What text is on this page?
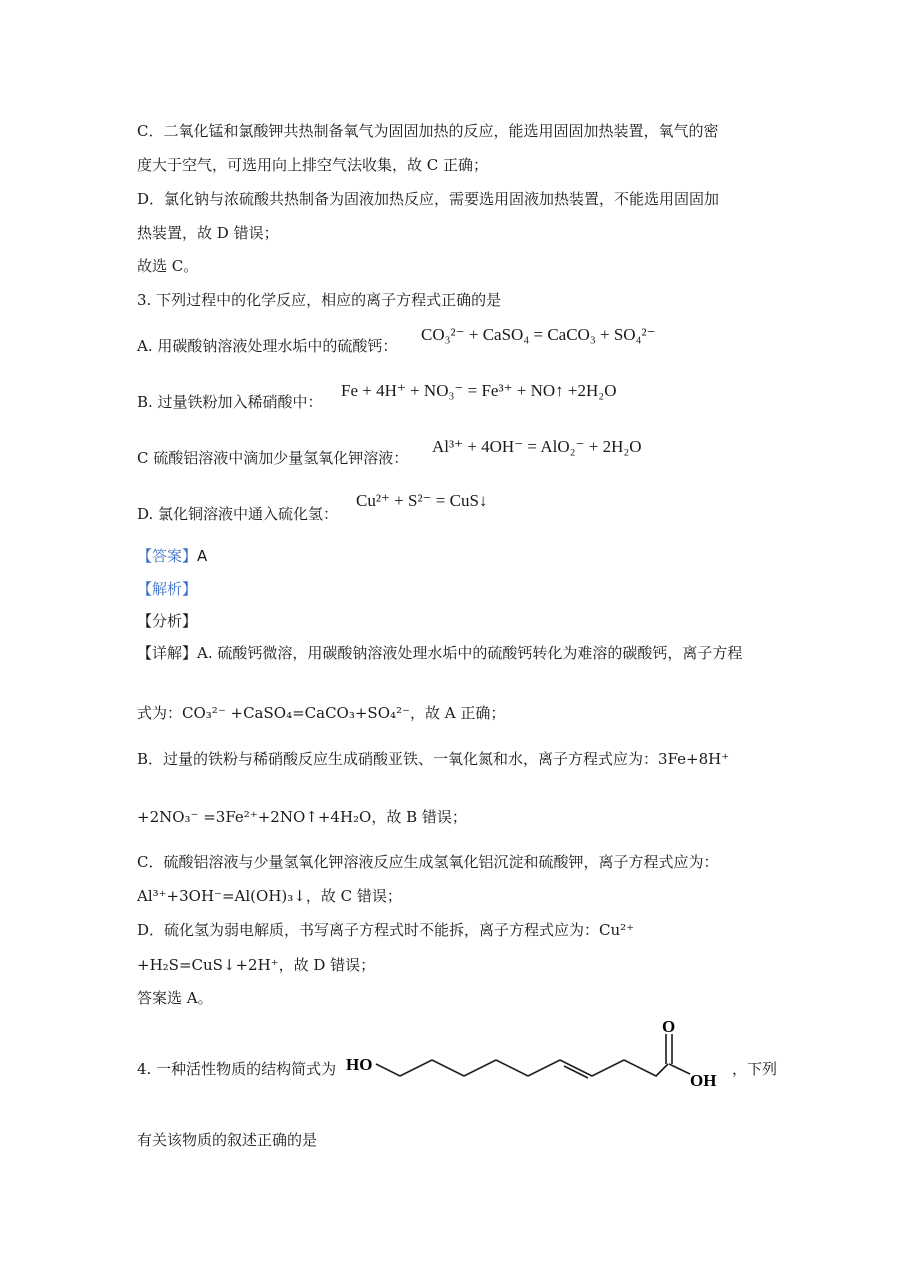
C．二氧化锰和氯酸钾共热制备氧气为固固加热的反应，能选用固固加热装置，氧气的密
度大于空气，可选用向上排空气法收集，故 C 正确；
D．氯化钠与浓硫酸共热制备为固液加热反应，需要选用固液加热装置，不能选用固固加
热装置，故 D 错误；
故选 C。
3. 下列过程中的化学反应，相应的离子方程式正确的是
A. 用碳酸钠溶液处理水垢中的硫酸钙：
CO₃²⁻ + CaSO₄ = CaCO₃ + SO₄²⁻
B. 过量铁粉加入稀硝酸中：
Fe + 4H⁺ + NO₃⁻ = Fe³⁺ + NO↑ +2H₂O
C 硫酸铝溶液中滴加少量氢氧化钾溶液：
Al³⁺ + 4OH⁻ = AlO₂⁻ + 2H₂O
D. 氯化铜溶液中通入硫化氢：
Cu²⁺ + S²⁻ = CuS↓
【答案】A
【解析】
【分析】
【详解】A. 硫酸钙微溶，用碳酸钠溶液处理水垢中的硫酸钙转化为难溶的碳酸钙，离子方程
式为：CO₃²⁻ +CaSO₄=CaCO₃+SO₄²⁻，故 A 正确；
B．过量的铁粉与稀硝酸反应生成硝酸亚铁、一氧化氮和水，离子方程式应为：3Fe+8H⁺
+2NO₃⁻ =3Fe²⁺+2NO↑+4H₂O，故 B 错误；
C．硫酸铝溶液与少量氢氧化钾溶液反应生成氢氧化铝沉淀和硫酸钾，离子方程式应为：
Al³⁺+3OH⁻=Al(OH)₃↓，故 C 错误；
D．硫化氢为弱电解质，书写离子方程式时不能拆，离子方程式应为：Cu²⁺
+H₂S=CuS↓+2H⁺，故 D 错误；
答案选 A。
4. 一种活性物质的结构简式为	，下列
HO
O
OH
有关该物质的叙述正确的是
